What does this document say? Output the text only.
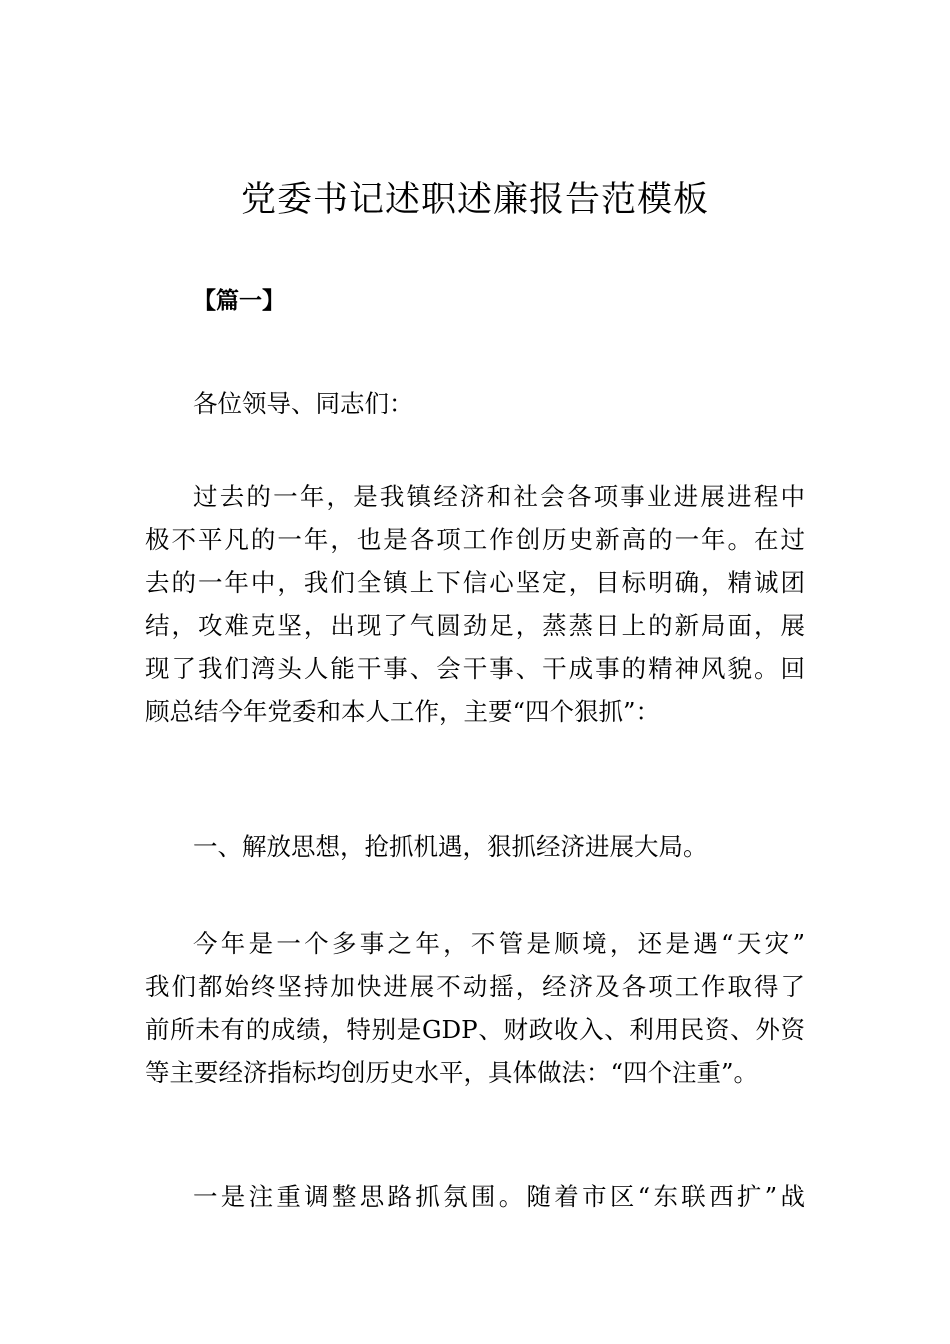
党委书记述职述廉报告范模板
【篇一】
各位领导、同志们：
过去的一年，是我镇经济和社会各项事业进展进程中
极不平凡的一年，也是各项工作创历史新高的一年。在过
去的一年中，我们全镇上下信心坚定，目标明确，精诚团
结，攻难克坚，出现了气圆劲足，蒸蒸日上的新局面，展
现了我们湾头人能干事、会干事、干成事的精神风貌。回
顾总结今年党委和本人工作，主要“四个狠抓”：
一、解放思想，抢抓机遇，狠抓经济进展大局。
今年是一个多事之年，不管是顺境，还是遇“天灾”
我们都始终坚持加快进展不动摇，经济及各项工作取得了
前所未有的成绩，特别是GDP、财政收入、利用民资、外资
等主要经济指标均创历史水平，具体做法：“四个注重”。
一是注重调整思路抓氛围。随着市区“东联西扩”战
